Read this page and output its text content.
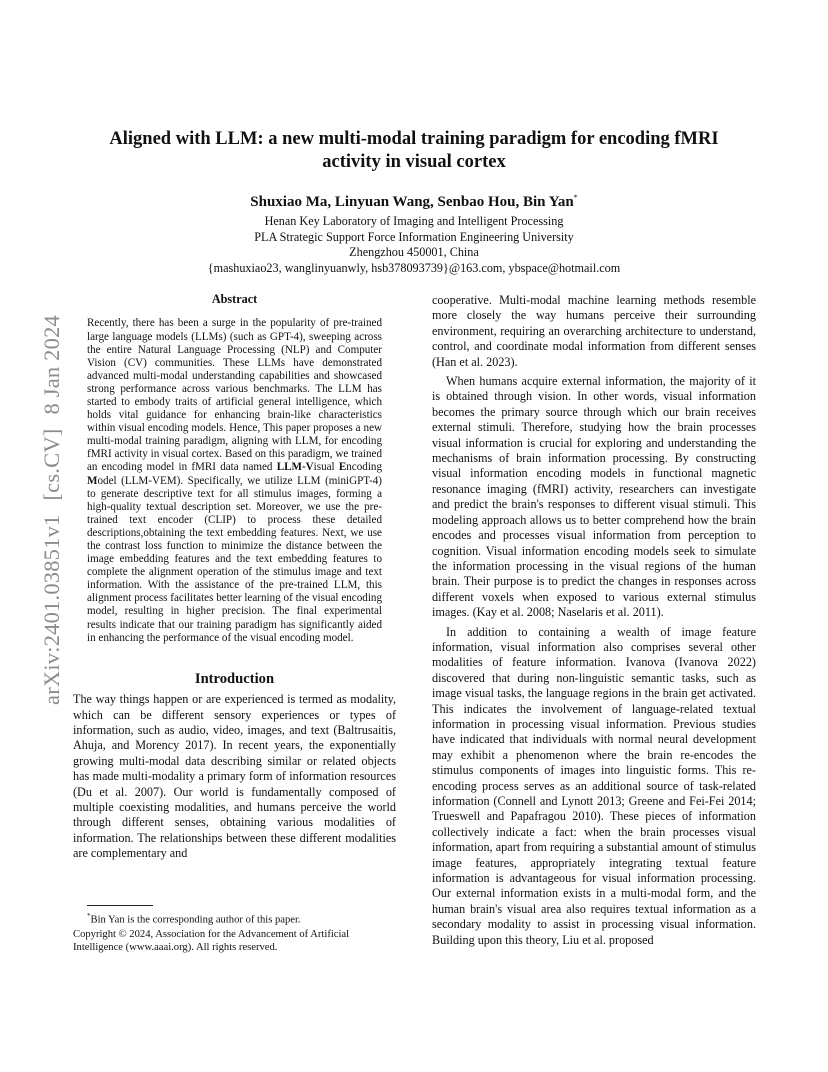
arXiv:2401.03851v1[cs.CV]8 Jan 2024
Aligned with LLM: a new multi-modal training paradigm for encoding fMRI activity in visual cortex
Shuxiao Ma, Linyuan Wang, Senbao Hou, Bin Yan*
Henan Key Laboratory of Imaging and Intelligent Processing
PLA Strategic Support Force Information Engineering University
Zhengzhou 450001, China
{mashuxiao23, wanglinyuanwly, hsb378093739}@163.com, ybspace@hotmail.com
Abstract
Recently, there has been a surge in the popularity of pre-trained large language models (LLMs) (such as GPT-4), sweeping across the entire Natural Language Processing (NLP) and Computer Vision (CV) communities. These LLMs have demonstrated advanced multi-modal understanding capabilities and showcased strong performance across various benchmarks. The LLM has started to embody traits of artificial general intelligence, which holds vital guidance for enhancing brain-like characteristics within visual encoding models. Hence, This paper proposes a new multi-modal training paradigm, aligning with LLM, for encoding fMRI activity in visual cortex. Based on this paradigm, we trained an encoding model in fMRI data named LLM-Visual Encoding Model (LLM-VEM). Specifically, we utilize LLM (miniGPT-4) to generate descriptive text for all stimulus images, forming a high-quality textual description set. Moreover, we use the pre-trained text encoder (CLIP) to process these detailed descriptions,obtaining the text embedding features. Next, we use the contrast loss function to minimize the distance between the image embedding features and the text embedding features to complete the alignment operation of the stimulus image and text information. With the assistance of the pre-trained LLM, this alignment process facilitates better learning of the visual encoding model, resulting in higher precision. The final experimental results indicate that our training paradigm has significantly aided in enhancing the performance of the visual encoding model.
Introduction

The way things happen or are experienced is termed as modality, which can be different sensory experiences or types of information, such as audio, video, images, and text (Baltrusaitis, Ahuja, and Morency 2017). In recent years, the exponentially growing multi-modal data describing similar or related objects has made multi-modality a primary form of information resources (Du et al. 2007). Our world is fundamentally composed of multiple coexisting modalities, and humans perceive the world through different senses, obtaining various modalities of information. The relationships between these different modalities are complementary and

*Bin Yan is the corresponding author of this paper.
Copyright © 2024, Association for the Advancement of Artificial Intelligence (www.aaai.org). All rights reserved.

cooperative. Multi-modal machine learning methods resemble more closely the way humans perceive their surrounding environment, requiring an overarching architecture to understand, control, and coordinate modal information from different senses (Han et al. 2023).

When humans acquire external information, the majority of it is obtained through vision. In other words, visual information becomes the primary source through which our brain receives external stimuli. Therefore, studying how the brain processes visual information is crucial for exploring and understanding the mechanisms of brain information processing. By constructing visual information encoding models in functional magnetic resonance imaging (fMRI) activity, researchers can investigate and predict the brain's responses to different visual stimuli. This modeling approach allows us to better comprehend how the brain encodes and processes visual information from perception to cognition. Visual information encoding models seek to simulate the information processing in the visual regions of the human brain. Their purpose is to predict the changes in responses across different voxels when exposed to various external stimulus images. (Kay et al. 2008; Naselaris et al. 2011).

In addition to containing a wealth of image feature information, visual information also comprises several other modalities of feature information. Ivanova (Ivanova 2022) discovered that during non-linguistic semantic tasks, such as image visual tasks, the language regions in the brain get activated. This indicates the involvement of language-related textual information in processing visual information. Previous studies have indicated that individuals with normal neural development may exhibit a phenomenon where the brain re-encodes the stimulus components of images into linguistic forms. This re-encoding process serves as an additional source of task-related information (Connell and Lynott 2013; Greene and Fei-Fei 2014; Trueswell and Papafragou 2010). These pieces of information collectively indicate a fact: when the brain processes visual information, apart from requiring a substantial amount of stimulus image features, appropriately integrating textual feature information is advantageous for visual information processing. Our external information exists in a multi-modal form, and the human brain's visual area also requires textual information as a secondary modality to assist in processing visual information. Building upon this theory, Liu et al. proposed
